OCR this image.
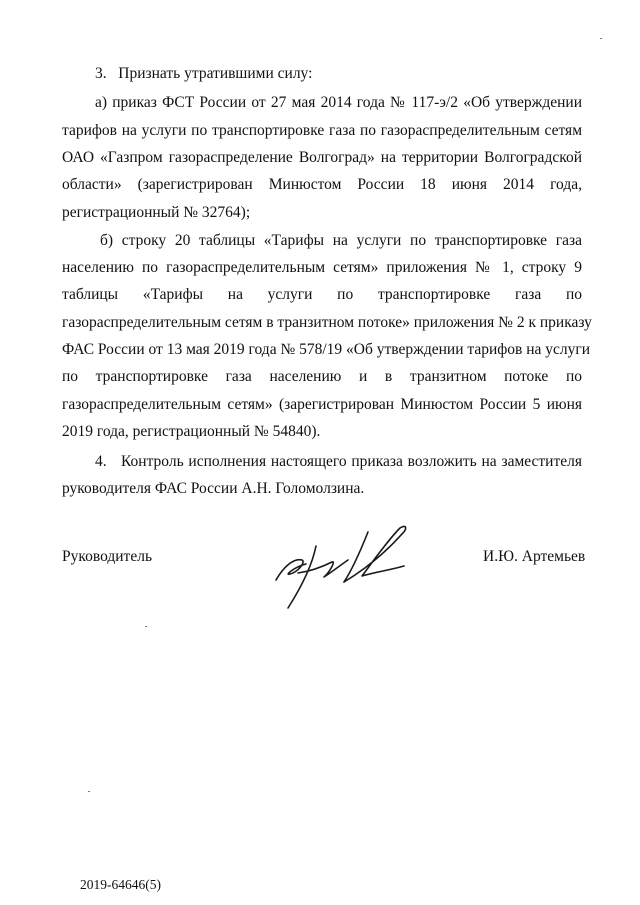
3.   Признать утратившими силу:
а) приказ ФСТ России от 27 мая 2014 года № 117-э/2 «Об утверждении
тарифов на услуги по транспортировке газа по газораспределительным сетям
ОАО «Газпром газораспределение Волгоград» на территории Волгоградской
области» (зарегистрирован Минюстом России 18 июня 2014 года,
регистрационный № 32764);
б) строку 20 таблицы «Тарифы на услуги по транспортировке газа
населению по газораспределительным сетям» приложения № 1, строку 9
таблицы «Тарифы на услуги по транспортировке газа по
газораспределительным сетям в транзитном потоке» приложения № 2 к приказу
ФАС России от 13 мая 2019 года № 578/19 «Об утверждении тарифов на услуги
по транспортировке газа населению и в транзитном потоке по
газораспределительным сетям» (зарегистрирован Минюстом России 5 июня
2019 года, регистрационный № 54840).
4.   Контроль исполнения настоящего приказа возложить на заместителя
руководителя ФАС России А.Н. Голомолзина.
Руководитель	И.Ю. Артемьев
2019-64646(5)
